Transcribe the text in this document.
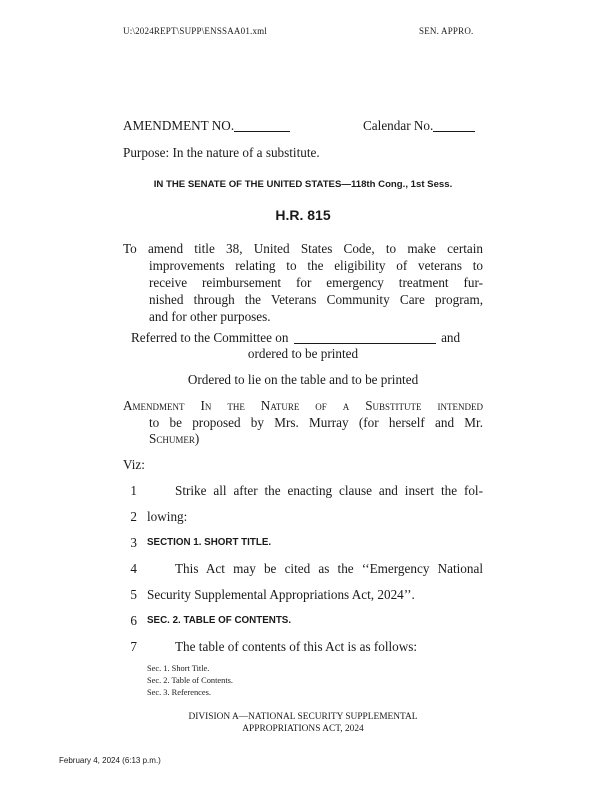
U:\2024REPT\SUPP\ENSSAA01.xml	SEN. APPRO.
AMENDMENT NO.	Calendar No.
Purpose: In the nature of a substitute.
IN THE SENATE OF THE UNITED STATES—118th Cong., 1st Sess.
H.R. 815
To amend title 38, United States Code, to make certain
improvements relating to the eligibility of veterans to
receive reimbursement for emergency treatment fur-
nished through the Veterans Community Care program,
and for other purposes.
Referred to the Committee on	and
ordered to be printed
Ordered to lie on the table and to be printed
Amendment In the Nature of a Substitute intended
to be proposed by Mrs. Murray (for herself and Mr.
Schumer)
Viz:
1	Strike all after the enacting clause and insert the fol-
2 lowing:
3 SECTION 1. SHORT TITLE.
4	This Act may be cited as the ‘‘Emergency National
5 Security Supplemental Appropriations Act, 2024’’.
6 SEC. 2. TABLE OF CONTENTS.
7	The table of contents of this Act is as follows:
Sec. 1. Short Title.
Sec. 2. Table of Contents.
Sec. 3. References.
DIVISION A—NATIONAL SECURITY SUPPLEMENTAL
APPROPRIATIONS ACT, 2024
February 4, 2024 (6:13 p.m.)
